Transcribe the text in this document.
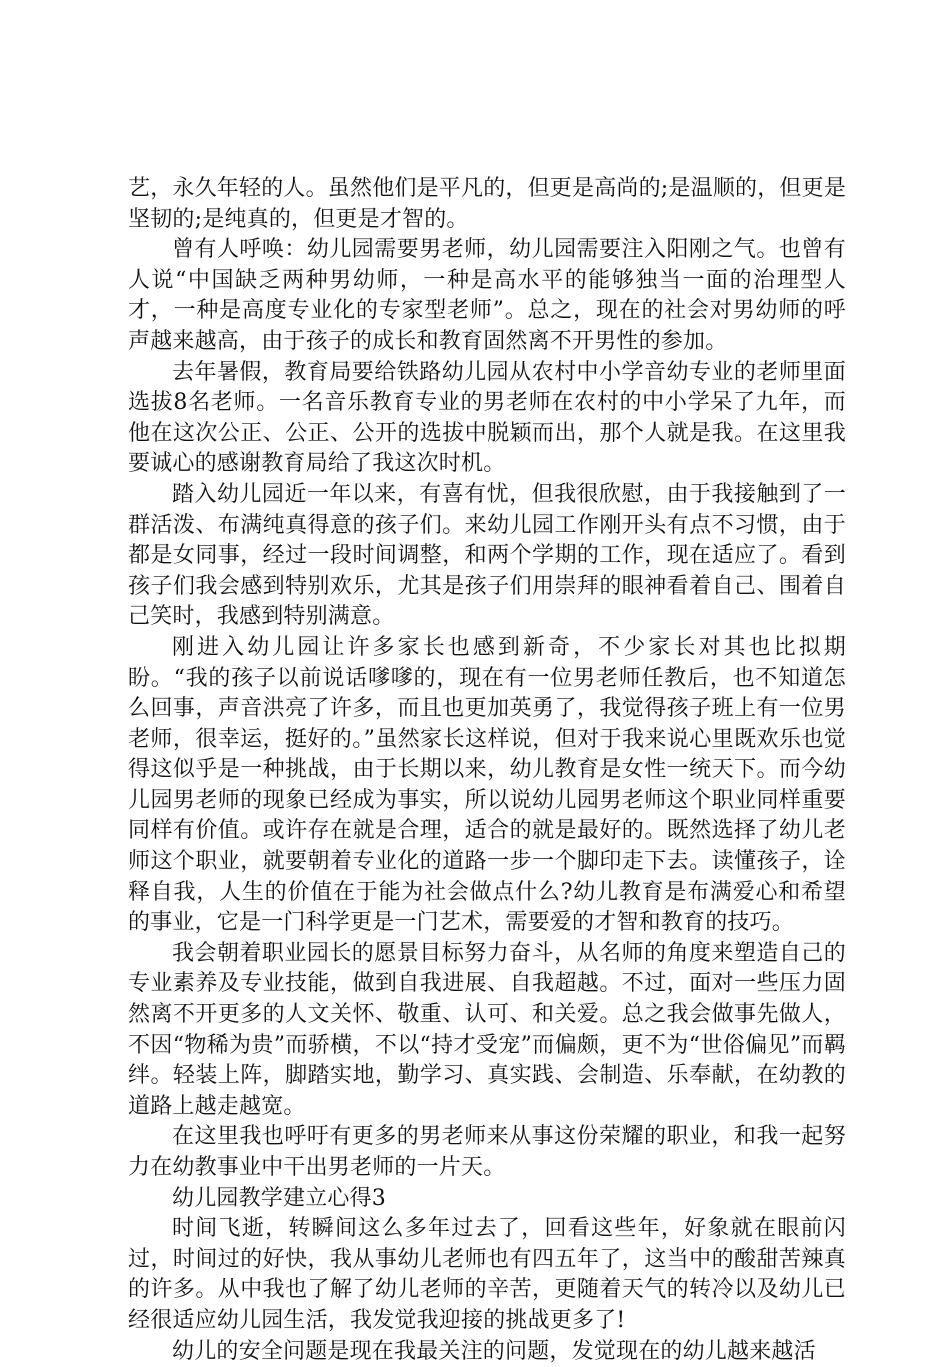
艺，永久年轻的人。虽然他们是平凡的，但更是高尚的;是温顺的，但更是坚韧的;是纯真的，但更是才智的。

曾有人呼唤：幼儿园需要男老师，幼儿园需要注入阳刚之气。也曾有人说“中国缺乏两种男幼师，一种是高水平的能够独当一面的治理型人才，一种是高度专业化的专家型老师”。总之，现在的社会对男幼师的呼声越来越高，由于孩子的成长和教育固然离不开男性的参加。

去年暑假，教育局要给铁路幼儿园从农村中小学音幼专业的老师里面选拔8名老师。一名音乐教育专业的男老师在农村的中小学呆了九年，而他在这次公正、公正、公开的选拔中脱颖而出，那个人就是我。在这里我要诚心的感谢教育局给了我这次时机。

踏入幼儿园近一年以来，有喜有忧，但我很欣慰，由于我接触到了一群活泼、布满纯真得意的孩子们。来幼儿园工作刚开头有点不习惯，由于都是女同事，经过一段时间调整，和两个学期的工作，现在适应了。看到孩子们我会感到特别欢乐，尤其是孩子们用崇拜的眼神看着自己、围着自己笑时，我感到特别满意。

刚进入幼儿园让许多家长也感到新奇，不少家长对其也比拟期盼。“我的孩子以前说话嗲嗲的，现在有一位男老师任教后，也不知道怎么回事，声音洪亮了许多，而且也更加英勇了，我觉得孩子班上有一位男老师，很幸运，挺好的。”虽然家长这样说，但对于我来说心里既欢乐也觉得这似乎是一种挑战，由于长期以来，幼儿教育是女性一统天下。而今幼儿园男老师的现象已经成为事实，所以说幼儿园男老师这个职业同样重要同样有价值。或许存在就是合理，适合的就是最好的。既然选择了幼儿老师这个职业，就要朝着专业化的道路一步一个脚印走下去。读懂孩子，诠释自我，人生的价值在于能为社会做点什么?幼儿教育是布满爱心和希望的事业，它是一门科学更是一门艺术，需要爱的才智和教育的技巧。

我会朝着职业园长的愿景目标努力奋斗，从名师的角度来塑造自己的专业素养及专业技能，做到自我进展、自我超越。不过，面对一些压力固然离不开更多的人文关怀、敬重、认可、和关爱。总之我会做事先做人，不因“物稀为贵”而骄横，不以“持才受宠”而偏颇，更不为“世俗偏见”而羁绊。轻装上阵，脚踏实地，勤学习、真实践、会制造、乐奉献，在幼教的道路上越走越宽。

在这里我也呼吁有更多的男老师来从事这份荣耀的职业，和我一起努力在幼教事业中干出男老师的一片天。

幼儿园教学建立心得3

时间飞逝，转瞬间这么多年过去了，回看这些年，好象就在眼前闪过，时间过的好快，我从事幼儿老师也有四五年了，这当中的酸甜苦辣真的许多。从中我也了解了幼儿老师的辛苦，更随着天气的转冷以及幼儿已经很适应幼儿园生活，我发觉我迎接的挑战更多了!

幼儿的安全问题是现在我最关注的问题，发觉现在的幼儿越来越活
